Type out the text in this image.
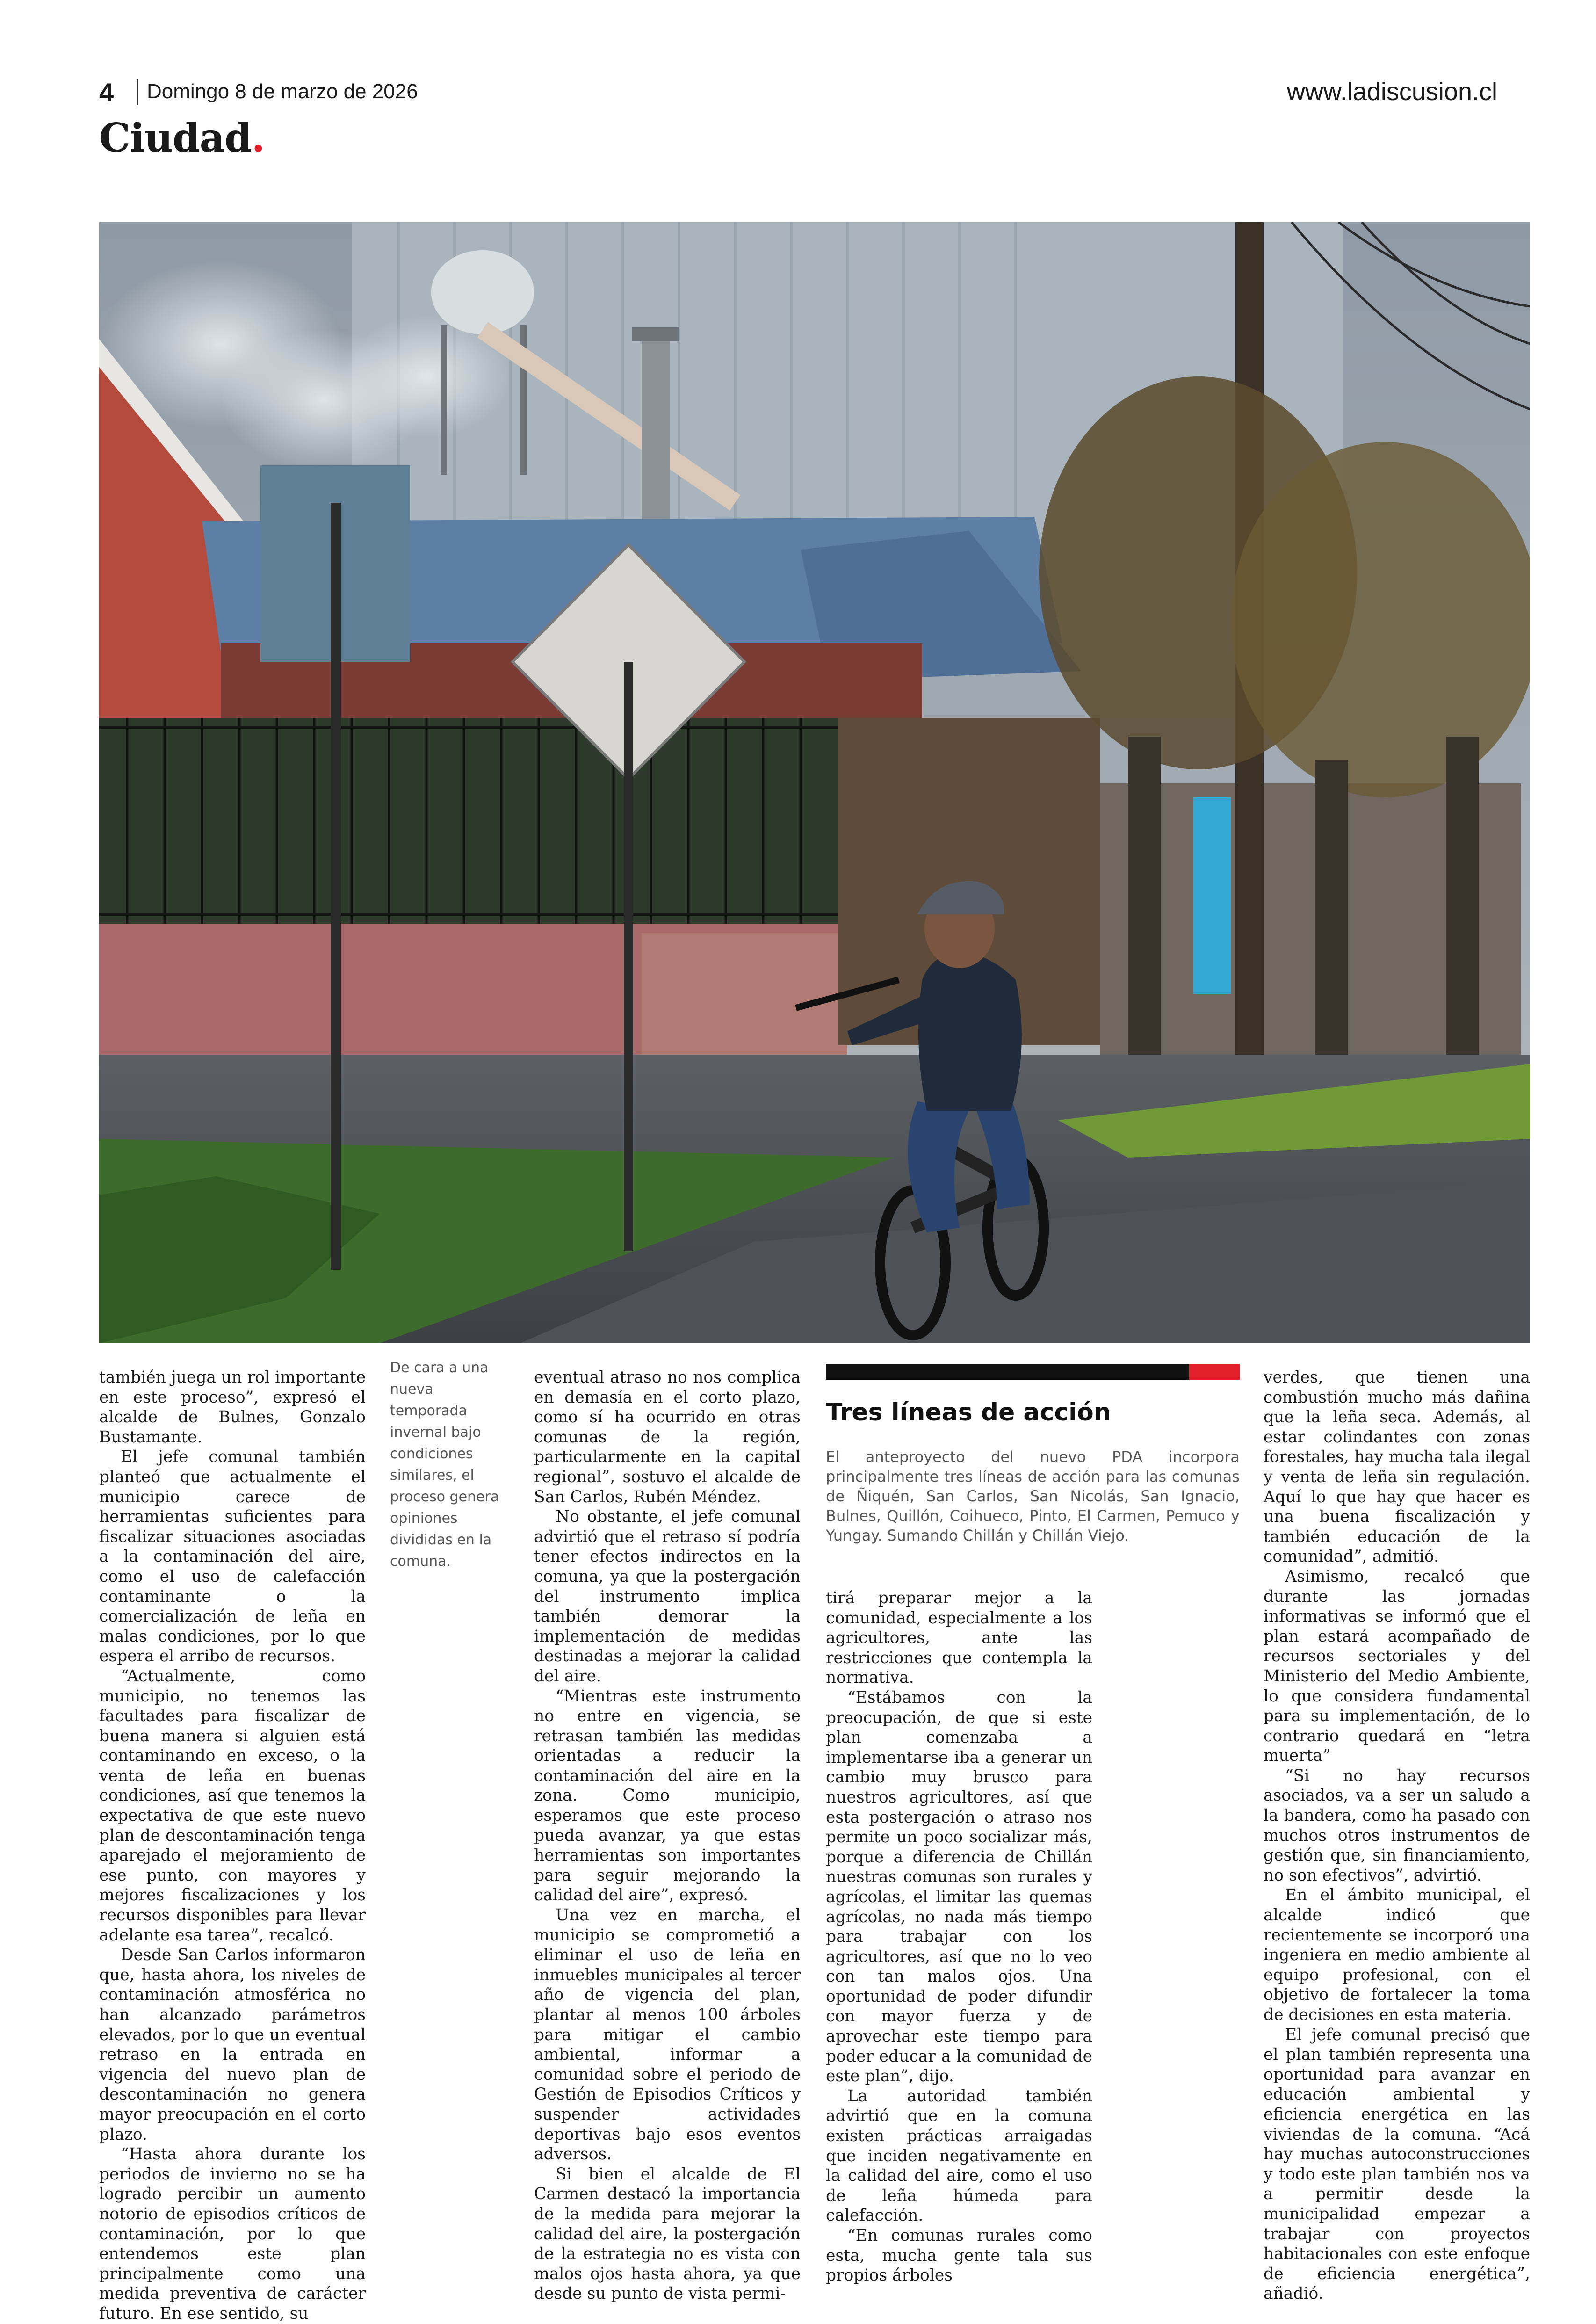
4 Domingo 8 de marzo de 2026	www.ladiscusion.cl
Ciudad.

también juega un rol importante en este proceso”, expresó el alcalde de Bulnes, Gonzalo Bustamante.

El jefe comunal también planteó que actualmente el municipio carece de herramientas suficientes para fiscalizar situaciones asociadas a la contaminación del aire, como el uso de calefacción contaminante o la comercialización de leña en malas condiciones, por lo que espera el arribo de recursos.

“Actualmente, como municipio, no tenemos las facultades para fiscalizar de buena manera si alguien está contaminando en exceso, o la venta de leña en buenas condiciones, así que tenemos la expectativa de que este nuevo plan de descontaminación tenga aparejado el mejoramiento de ese punto, con mayores y mejores fiscalizaciones y los recursos disponibles para llevar adelante esa tarea”, recalcó.

Desde San Carlos informaron que, hasta ahora, los niveles de contaminación atmosférica no han alcanzado parámetros elevados, por lo que un eventual retraso en la entrada en vigencia del nuevo plan de descontaminación no genera mayor preocupación en el corto plazo.

“Hasta ahora durante los periodos de invierno no se ha logrado percibir un aumento notorio de episodios críticos de contaminación, por lo que entendemos este plan principalmente como una medida preventiva de carácter futuro. En ese sentido, su

De cara a una nueva temporada invernal bajo condiciones similares, el proceso genera opiniones divididas en la comuna.

eventual atraso no nos complica en demasía en el corto plazo, como sí ha ocurrido en otras comunas de la región, particularmente en la capital regional”, sostuvo el alcalde de San Carlos, Rubén Méndez.

No obstante, el jefe comunal advirtió que el retraso sí podría tener efectos indirectos en la comuna, ya que la postergación del instrumento implica también demorar la implementación de medidas destinadas a mejorar la calidad del aire.

“Mientras este instrumento no entre en vigencia, se retrasan también las medidas orientadas a reducir la contaminación del aire en la zona. Como municipio, esperamos que este proceso pueda avanzar, ya que estas herramientas son importantes para seguir mejorando la calidad del aire”, expresó.

Una vez en marcha, el municipio se comprometió a eliminar el uso de leña en inmuebles municipales al tercer año de vigencia del plan, plantar al menos 100 árboles para mitigar el cambio ambiental, informar a comunidad sobre el periodo de Gestión de Episodios Críticos y suspender actividades deportivas bajo esos eventos adversos.

Si bien el alcalde de El Carmen destacó la importancia de la medida para mejorar la calidad del aire, la postergación de la estrategia no es vista con malos ojos hasta ahora, ya que desde su punto de vista permi-

Tres líneas de acción
El anteproyecto del nuevo PDA incorpora principalmente tres líneas de acción para las comunas de Ñiquén, San Carlos, San Nicolás, San Ignacio, Bulnes, Quillón, Coihueco, Pinto, El Carmen, Pemuco y Yungay. Sumando Chillán y Chillán Viejo.

tirá preparar mejor a la comunidad, especialmente a los agricultores, ante las restricciones que contempla la normativa.

“Estábamos con la preocupación, de que si este plan comenzaba a implementarse iba a generar un cambio muy brusco para nuestros agricultores, así que esta postergación o atraso nos permite un poco socializar más, porque a diferencia de Chillán nuestras comunas son rurales y agrícolas, el limitar las quemas agrícolas, no nada más tiempo para trabajar con los agricultores, así que no lo veo con tan malos ojos. Una oportunidad de poder difundir con mayor fuerza y de aprovechar este tiempo para poder educar a la comunidad de este plan”, dijo.

La autoridad también advirtió que en la comuna existen prácticas arraigadas que inciden negativamente en la calidad del aire, como el uso de leña húmeda para calefacción.

“En comunas rurales como esta, mucha gente tala sus propios árboles

verdes, que tienen una combustión mucho más dañina que la leña seca. Además, al estar colindantes con zonas forestales, hay mucha tala ilegal y venta de leña sin regulación. Aquí lo que hay que hacer es una buena fiscalización y también educación de la comunidad”, admitió.

Asimismo, recalcó que durante las jornadas informativas se informó que el plan estará acompañado de recursos sectoriales y del Ministerio del Medio Ambiente, lo que considera fundamental para su implementación, de lo contrario quedará en “letra muerta”

“Si no hay recursos asociados, va a ser un saludo a la bandera, como ha pasado con muchos otros instrumentos de gestión que, sin financiamiento, no son efectivos”, advirtió.

En el ámbito municipal, el alcalde indicó que recientemente se incorporó una ingeniera en medio ambiente al equipo profesional, con el objetivo de fortalecer la toma de decisiones en esta materia.

El jefe comunal precisó que el plan también representa una oportunidad para avanzar en educación ambiental y eficiencia energética en las viviendas de la comuna. “Acá hay muchas autoconstrucciones y todo este plan también nos va a permitir desde la municipalidad empezar a trabajar con proyectos habitacionales con este enfoque de eficiencia energética”, añadió.
